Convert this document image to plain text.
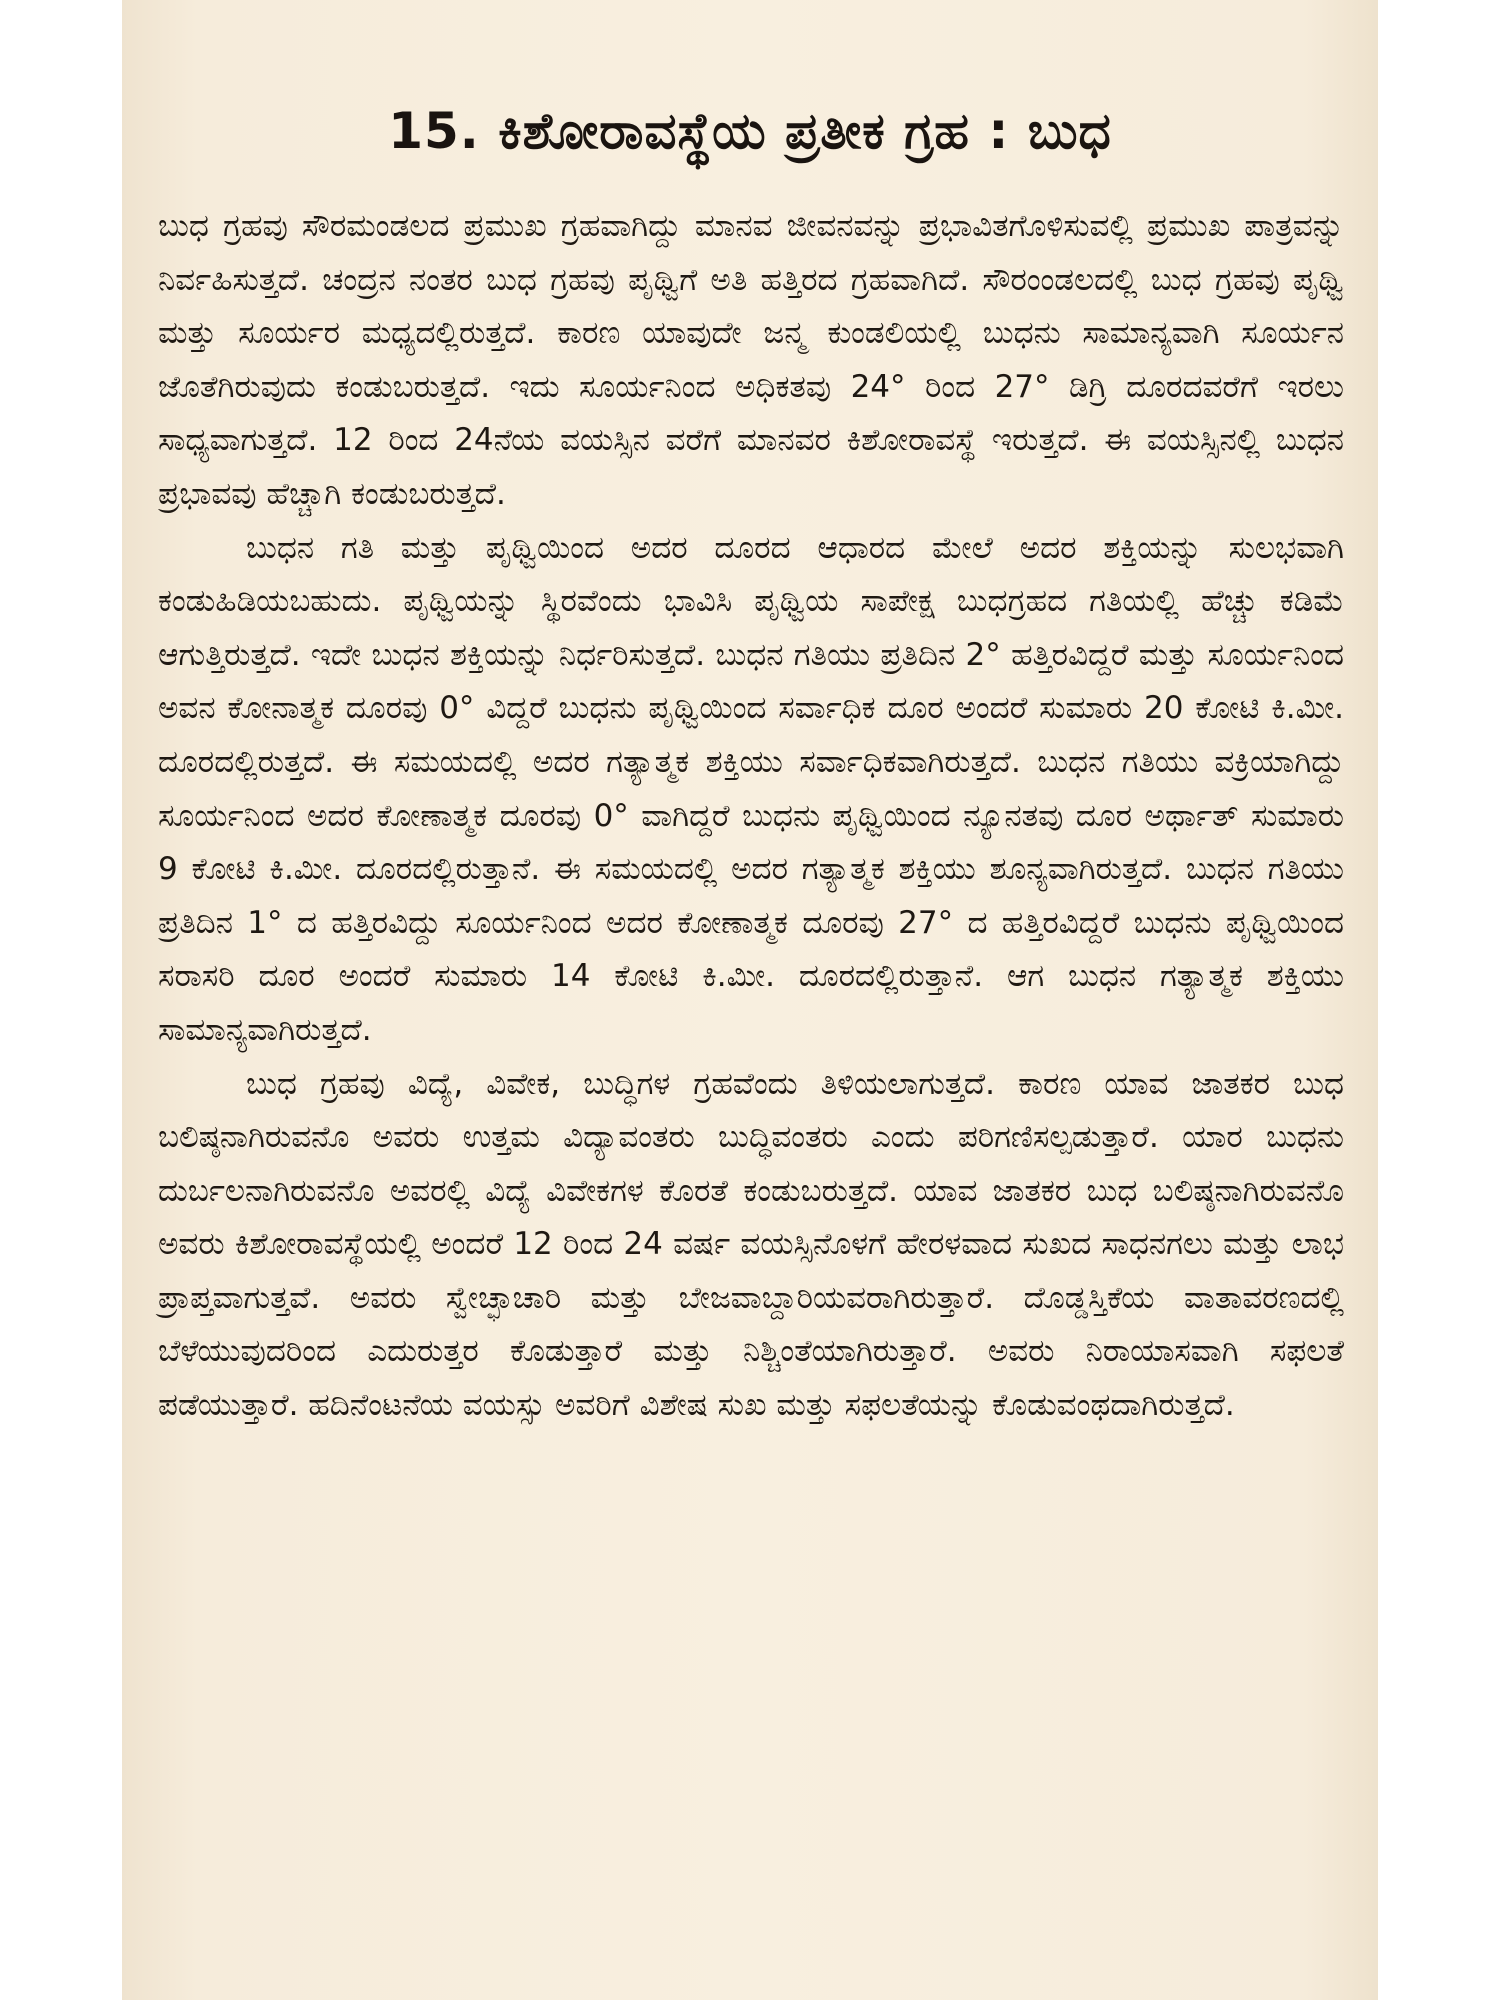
15. ಕಿಶೋರಾವಸ್ಥೆಯ ಪ್ರತೀಕ ಗ್ರಹ : ಬುಧ

ಬುಧ ಗ್ರಹವು ಸೌರಮಂಡಲದ ಪ್ರಮುಖ ಗ್ರಹವಾಗಿದ್ದು ಮಾನವ ಜೀವನವನ್ನು ಪ್ರಭಾವಿತಗೊಳಿಸುವಲ್ಲಿ ಪ್ರಮುಖ ಪಾತ್ರವನ್ನು ನಿರ್ವಹಿಸುತ್ತದೆ. ಚಂದ್ರನ ನಂತರ ಬುಧ ಗ್ರಹವು ಪೃಥ್ವಿಗೆ ಅತಿ ಹತ್ತಿರದ ಗ್ರಹವಾಗಿದೆ. ಸೌರಂಂಡಲದಲ್ಲಿ ಬುಧ ಗ್ರಹವು ಪೃಥ್ವಿ ಮತ್ತು ಸೂರ್ಯರ ಮಧ್ಯದಲ್ಲಿರುತ್ತದೆ. ಕಾರಣ ಯಾವುದೇ ಜನ್ಮ ಕುಂಡಲಿಯಲ್ಲಿ ಬುಧನು ಸಾಮಾನ್ಯವಾಗಿ ಸೂರ್ಯನ ಜೊತೆಗಿರುವುದು ಕಂಡುಬರುತ್ತದೆ. ಇದು ಸೂರ್ಯನಿಂದ ಅಧಿಕತವು 24° ರಿಂದ 27° ಡಿಗ್ರಿ ದೂರದವರೆಗೆ ಇರಲು ಸಾಧ್ಯವಾಗುತ್ತದೆ. 12 ರಿಂದ 24ನೆಯ ವಯಸ್ಸಿನ ವರೆಗೆ ಮಾನವರ ಕಿಶೋರಾವಸ್ಥೆ ಇರುತ್ತದೆ. ಈ ವಯಸ್ಸಿನಲ್ಲಿ ಬುಧನ ಪ್ರಭಾವವು ಹೆಚ್ಚಾಗಿ ಕಂಡುಬರುತ್ತದೆ.

ಬುಧನ ಗತಿ ಮತ್ತು ಪೃಥ್ವಿಯಿಂದ ಅದರ ದೂರದ ಆಧಾರದ ಮೇಲೆ ಅದರ ಶಕ್ತಿಯನ್ನು ಸುಲಭವಾಗಿ ಕಂಡುಹಿಡಿಯಬಹುದು. ಪೃಥ್ವಿಯನ್ನು ಸ್ಥಿರವೆಂದು ಭಾವಿಸಿ ಪೃಥ್ವಿಯ ಸಾಪೇಕ್ಷ ಬುಧಗ್ರಹದ ಗತಿಯಲ್ಲಿ ಹೆಚ್ಚು ಕಡಿಮೆ ಆಗುತ್ತಿರುತ್ತದೆ. ಇದೇ ಬುಧನ ಶಕ್ತಿಯನ್ನು ನಿರ್ಧರಿಸುತ್ತದೆ. ಬುಧನ ಗತಿಯು ಪ್ರತಿದಿನ 2° ಹತ್ತಿರವಿದ್ದರೆ ಮತ್ತು ಸೂರ್ಯನಿಂದ ಅವನ ಕೋನಾತ್ಮಕ ದೂರವು 0° ವಿದ್ದರೆ ಬುಧನು ಪೃಥ್ವಿಯಿಂದ ಸರ್ವಾಧಿಕ ದೂರ ಅಂದರೆ ಸುಮಾರು 20 ಕೋಟಿ ಕಿ.ಮೀ. ದೂರದಲ್ಲಿರುತ್ತದೆ. ಈ ಸಮಯದಲ್ಲಿ ಅದರ ಗತ್ಯಾತ್ಮಕ ಶಕ್ತಿಯು ಸರ್ವಾಧಿಕವಾಗಿರುತ್ತದೆ. ಬುಧನ ಗತಿಯು ವಕ್ರಿಯಾಗಿದ್ದು ಸೂರ್ಯನಿಂದ ಅದರ ಕೋಣಾತ್ಮಕ ದೂರವು 0° ವಾಗಿದ್ದರೆ ಬುಧನು ಪೃಥ್ವಿಯಿಂದ ನ್ಯೂನತವು ದೂರ ಅರ್ಥಾತ್ ಸುಮಾರು 9 ಕೋಟಿ ಕಿ.ಮೀ. ದೂರದಲ್ಲಿರುತ್ತಾನೆ. ಈ ಸಮಯದಲ್ಲಿ ಅದರ ಗತ್ಯಾತ್ಮಕ ಶಕ್ತಿಯು ಶೂನ್ಯವಾಗಿರುತ್ತದೆ. ಬುಧನ ಗತಿಯು ಪ್ರತಿದಿನ 1° ದ ಹತ್ತಿರವಿದ್ದು ಸೂರ್ಯನಿಂದ ಅದರ ಕೋಣಾತ್ಮಕ ದೂರವು 27° ದ ಹತ್ತಿರವಿದ್ದರೆ ಬುಧನು ಪೃಥ್ವಿಯಿಂದ ಸರಾಸರಿ ದೂರ ಅಂದರೆ ಸುಮಾರು 14 ಕೋಟಿ ಕಿ.ಮೀ. ದೂರದಲ್ಲಿರುತ್ತಾನೆ. ಆಗ ಬುಧನ ಗತ್ಯಾತ್ಮಕ ಶಕ್ತಿಯು ಸಾಮಾನ್ಯವಾಗಿರುತ್ತದೆ.

ಬುಧ ಗ್ರಹವು ವಿದ್ಯೆ, ವಿವೇಕ, ಬುದ್ಧಿಗಳ ಗ್ರಹವೆಂದು ತಿಳಿಯಲಾಗುತ್ತದೆ. ಕಾರಣ ಯಾವ ಜಾತಕರ ಬುಧ ಬಲಿಷ್ಠನಾಗಿರುವನೊ ಅವರು ಉತ್ತಮ ವಿದ್ಯಾವಂತರು ಬುದ್ಧಿವಂತರು ಎಂದು ಪರಿಗಣಿಸಲ್ಪಡುತ್ತಾರೆ. ಯಾರ ಬುಧನು ದುರ್ಬಲನಾಗಿರುವನೊ ಅವರಲ್ಲಿ ವಿದ್ಯೆ ವಿವೇಕಗಳ ಕೊರತೆ ಕಂಡುಬರುತ್ತದೆ. ಯಾವ ಜಾತಕರ ಬುಧ ಬಲಿಷ್ಠನಾಗಿರುವನೊ ಅವರು ಕಿಶೋರಾವಸ್ಥೆಯಲ್ಲಿ ಅಂದರೆ 12 ರಿಂದ 24 ವರ್ಷ ವಯಸ್ಸಿನೊಳಗೆ ಹೇರಳವಾದ ಸುಖದ ಸಾಧನಗಲು ಮತ್ತು ಲಾಭ ಪ್ರಾಪ್ತವಾಗುತ್ತವೆ. ಅವರು ಸ್ವೇಚ್ಛಾಚಾರಿ ಮತ್ತು ಬೇಜವಾಬ್ದಾರಿಯವರಾಗಿರುತ್ತಾರೆ. ದೊಡ್ಡಸ್ತಿಕೆಯ ವಾತಾವರಣದಲ್ಲಿ ಬೆಳೆಯುವುದರಿಂದ ಎದುರುತ್ತರ ಕೊಡುತ್ತಾರೆ ಮತ್ತು ನಿಶ್ಚಿಂತೆಯಾಗಿರುತ್ತಾರೆ. ಅವರು ನಿರಾಯಾಸವಾಗಿ ಸಫಲತೆ ಪಡೆಯುತ್ತಾರೆ. ಹದಿನೆಂಟನೆಯ ವಯಸ್ಸು ಅವರಿಗೆ ವಿಶೇಷ ಸುಖ ಮತ್ತು ಸಫಲತೆಯನ್ನು ಕೊಡುವಂಥದಾಗಿರುತ್ತದೆ.
